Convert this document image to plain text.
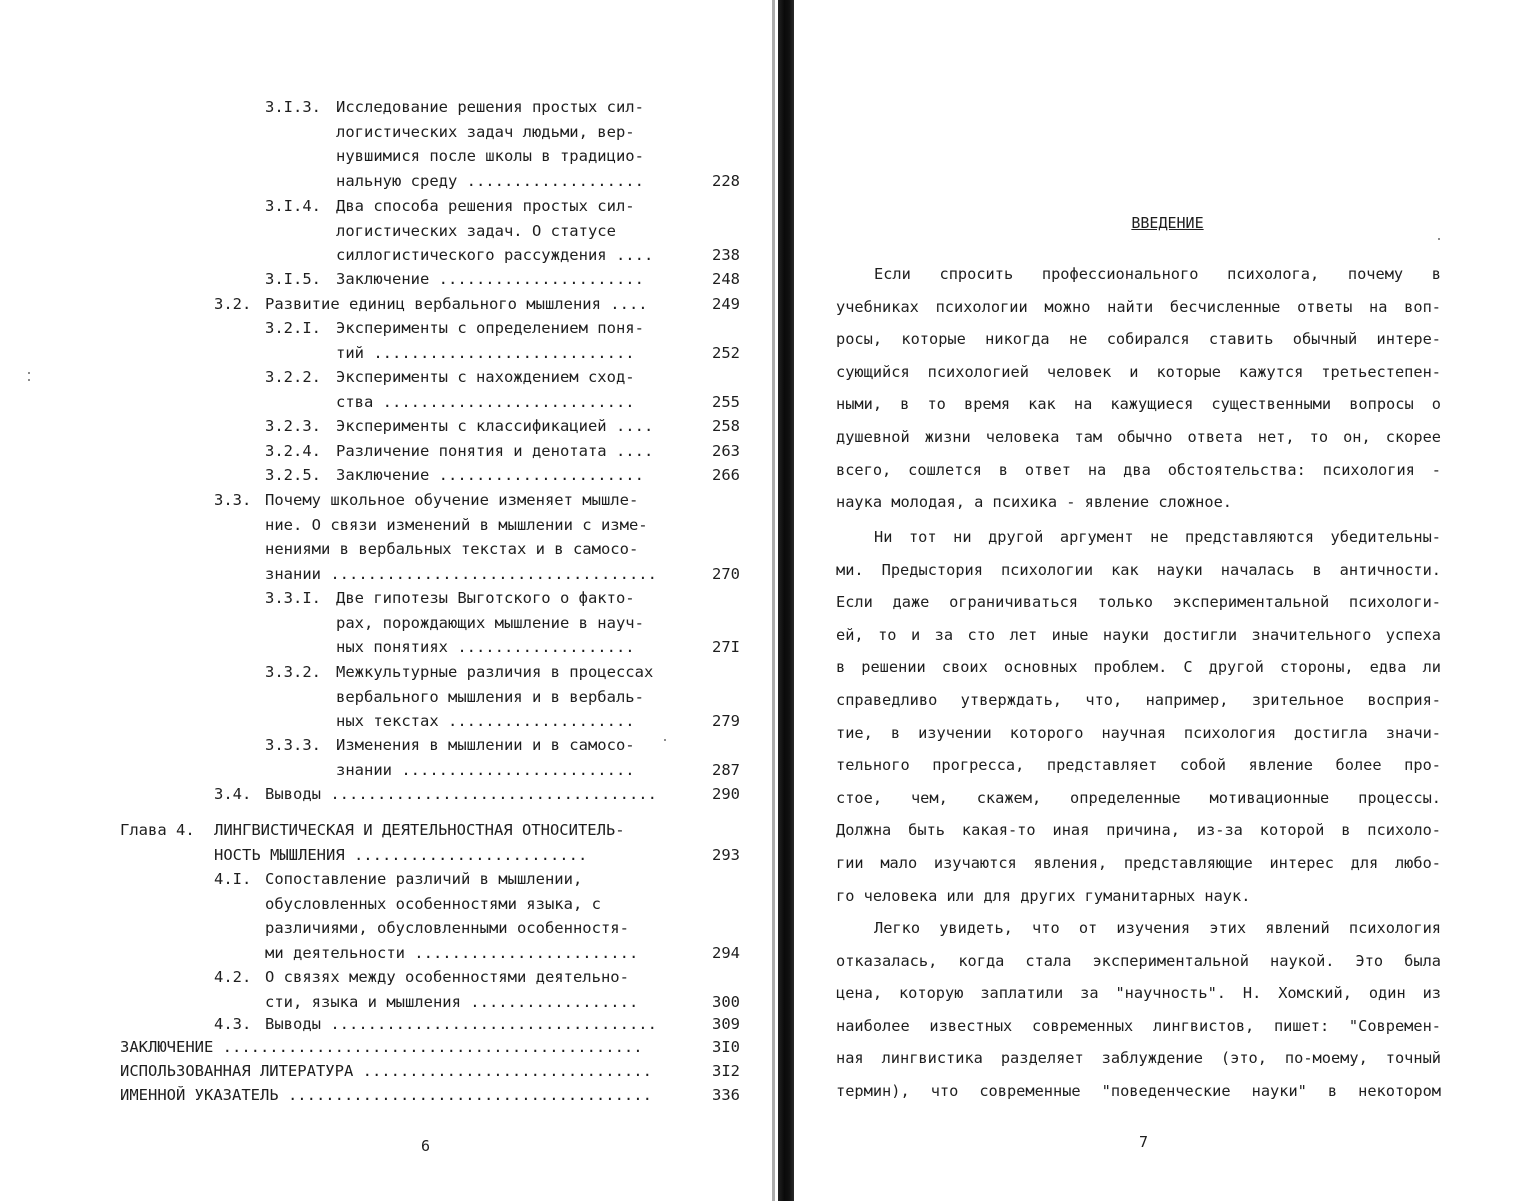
3.I.3. Исследование решения простых сил-
логистических задач людьми, вер-
нувшимися после школы в традицио-
нальную среду ...................	228
3.I.4. Два способа решения простых сил-
логистических задач. О статусе
силлогистического рассуждения ....	238
3.I.5. Заключение ......................	248
3.2. Развитие единиц вербального мышления ....	249
3.2.I. Эксперименты с определением поня-
тий ............................	252
3.2.2. Эксперименты с нахождением сход-
ства ...........................	255
3.2.3. Эксперименты с классификацией ....	258
3.2.4. Различение понятия и денотата ....	263
3.2.5. Заключение ......................	266
3.3. Почему школьное обучение изменяет мышле-
ние. О связи изменений в мышлении с изме-
нениями в вербальных текстах и в самосо-
знании ...................................	270
3.3.I. Две гипотезы Выготского о факто-
рах, порождающих мышление в науч-
ных понятиях ...................	27I
3.3.2. Межкультурные различия в процессах
вербального мышления и в вербаль-
ных текстах ....................	279
3.3.3. Изменения в мышлении и в самосо-
знании .........................	287
3.4. Выводы ...................................	290
Глава 4. ЛИНГВИСТИЧЕСКАЯ И ДЕЯТЕЛЬНОСТНАЯ ОТНОСИТЕЛЬ-
НОСТЬ МЫШЛЕНИЯ .........................	293
4.I. Сопоставление различий в мышлении,
обусловленных особенностями языка, с
различиями, обусловленными особенностя-
ми деятельности ........................	294
4.2. О связях между особенностями деятельно-
сти, языка и мышления ..................	300
4.3. Выводы ...................................	309
ЗАКЛЮЧЕНИЕ .............................................	3I0
ИСПОЛЬЗОВАННАЯ ЛИТЕРАТУРА ...............................	3I2
ИМЕННОЙ УКАЗАТЕЛЬ .......................................	336
6
ВВЕДЕНИЕ
Если спросить профессионального психолога, почему в
учебниках психологии можно найти бесчисленные ответы на воп-
росы, которые никогда не собирался ставить обычный интере-
сующийся психологией человек и которые кажутся третьестепен-
ными, в то время как на кажущиеся существенными вопросы о
душевной жизни человека там обычно ответа нет, то он, скорее
всего, сошлется в ответ на два обстоятельства: психология -
наука молодая, а психика - явление сложное.
Ни тот ни другой аргумент не представляются убедительны-
ми. Предыстория психологии как науки началась в античности.
Если даже ограничиваться только экспериментальной психологи-
ей, то и за сто лет иные науки достигли значительного успеха
в решении своих основных проблем. С другой стороны, едва ли
справедливо утверждать, что, например, зрительное восприя-
тие, в изучении которого научная психология достигла значи-
тельного прогресса, представляет собой явление более про-
стое, чем, скажем, определенные мотивационные процессы.
Должна быть какая-то иная причина, из-за которой в психоло-
гии мало изучаются явления, представляющие интерес для любо-
го человека или для других гуманитарных наук.
Легко увидеть, что от изучения этих явлений психология
отказалась, когда стала экспериментальной наукой. Это была
цена, которую заплатили за "научность". Н. Хомский, один из
наиболее известных современных лингвистов, пишет: "Современ-
ная лингвистика разделяет заблуждение (это, по-моему, точный
термин), что современные "поведенческие науки" в некотором
7
